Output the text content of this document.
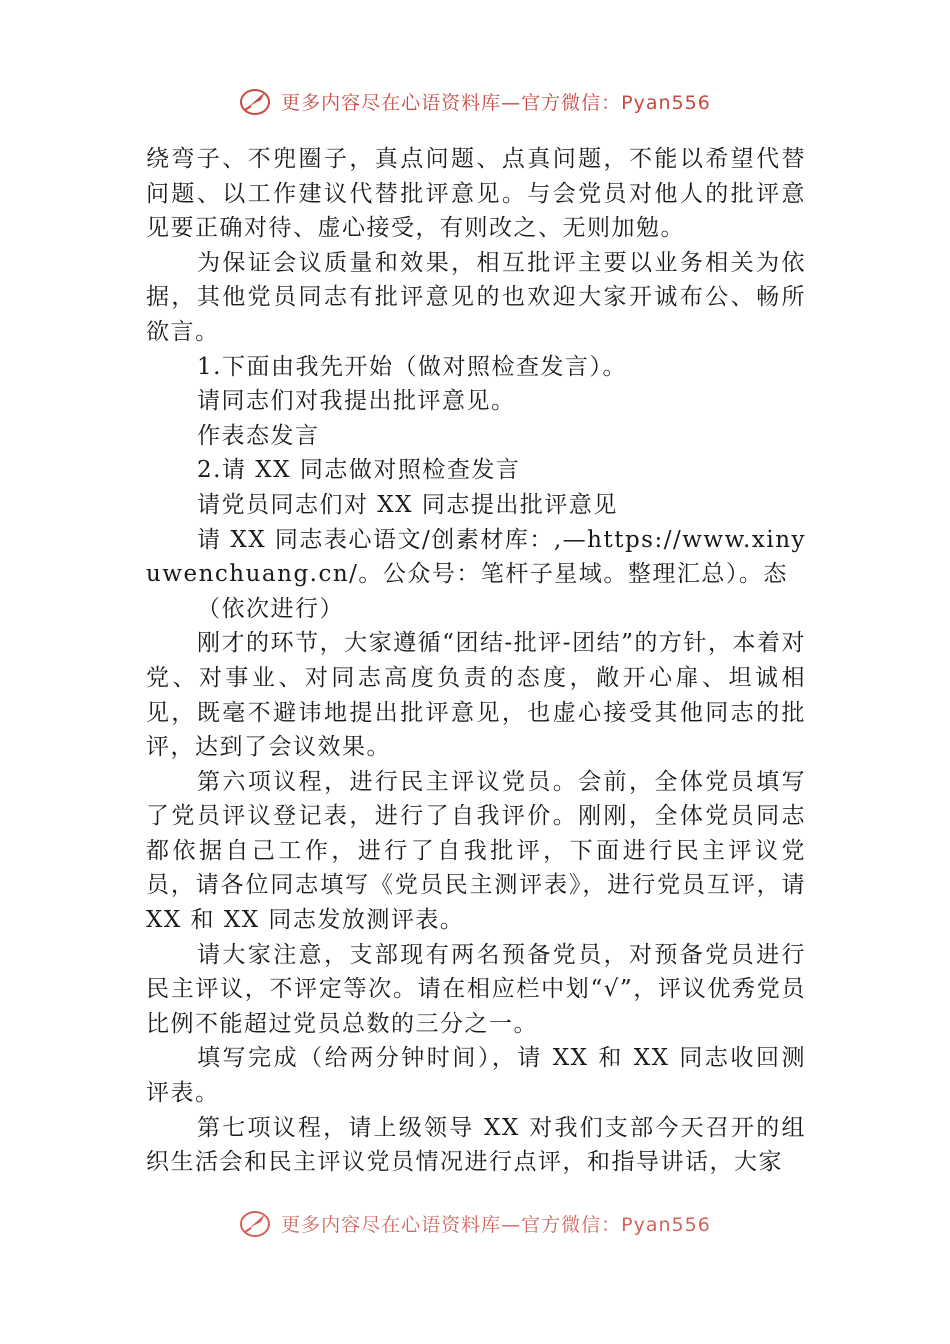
更多内容尽在心语资料库—官方微信：Pyan556

绕弯子、不兜圈子，真点问题、点真问题，不能以希望代替问题、以工作建议代替批评意见。与会党员对他人的批评意见要正确对待、虚心接受，有则改之、无则加勉。

为保证会议质量和效果，相互批评主要以业务相关为依据，其他党员同志有批评意见的也欢迎大家开诚布公、畅所欲言。

1.下面由我先开始（做对照检查发言）。

请同志们对我提出批评意见。

作表态发言

2.请 XX 同志做对照检查发言

请党员同志们对 XX 同志提出批评意见

请 XX 同志表心语文/创素材库：,—https://www.xinyuwenchuang.cn/。公众号：笔杆子星域。整理汇总）。态

（依次进行）

刚才的环节，大家遵循“团结-批评-团结”的方针，本着对党、对事业、对同志高度负责的态度，敞开心扉、坦诚相见，既毫不避讳地提出批评意见，也虚心接受其他同志的批评，达到了会议效果。

第六项议程，进行民主评议党员。会前，全体党员填写了党员评议登记表，进行了自我评价。刚刚，全体党员同志都依据自己工作，进行了自我批评，下面进行民主评议党员，请各位同志填写《党员民主测评表》，进行党员互评，请 XX 和 XX 同志发放测评表。

请大家注意，支部现有两名预备党员，对预备党员进行民主评议，不评定等次。请在相应栏中划“√”，评议优秀党员比例不能超过党员总数的三分之一。

填写完成（给两分钟时间），请 XX 和 XX 同志收回测评表。

第七项议程，请上级领导 XX 对我们支部今天召开的组织生活会和民主评议党员情况进行点评，和指导讲话，大家

更多内容尽在心语资料库—官方微信：Pyan556
